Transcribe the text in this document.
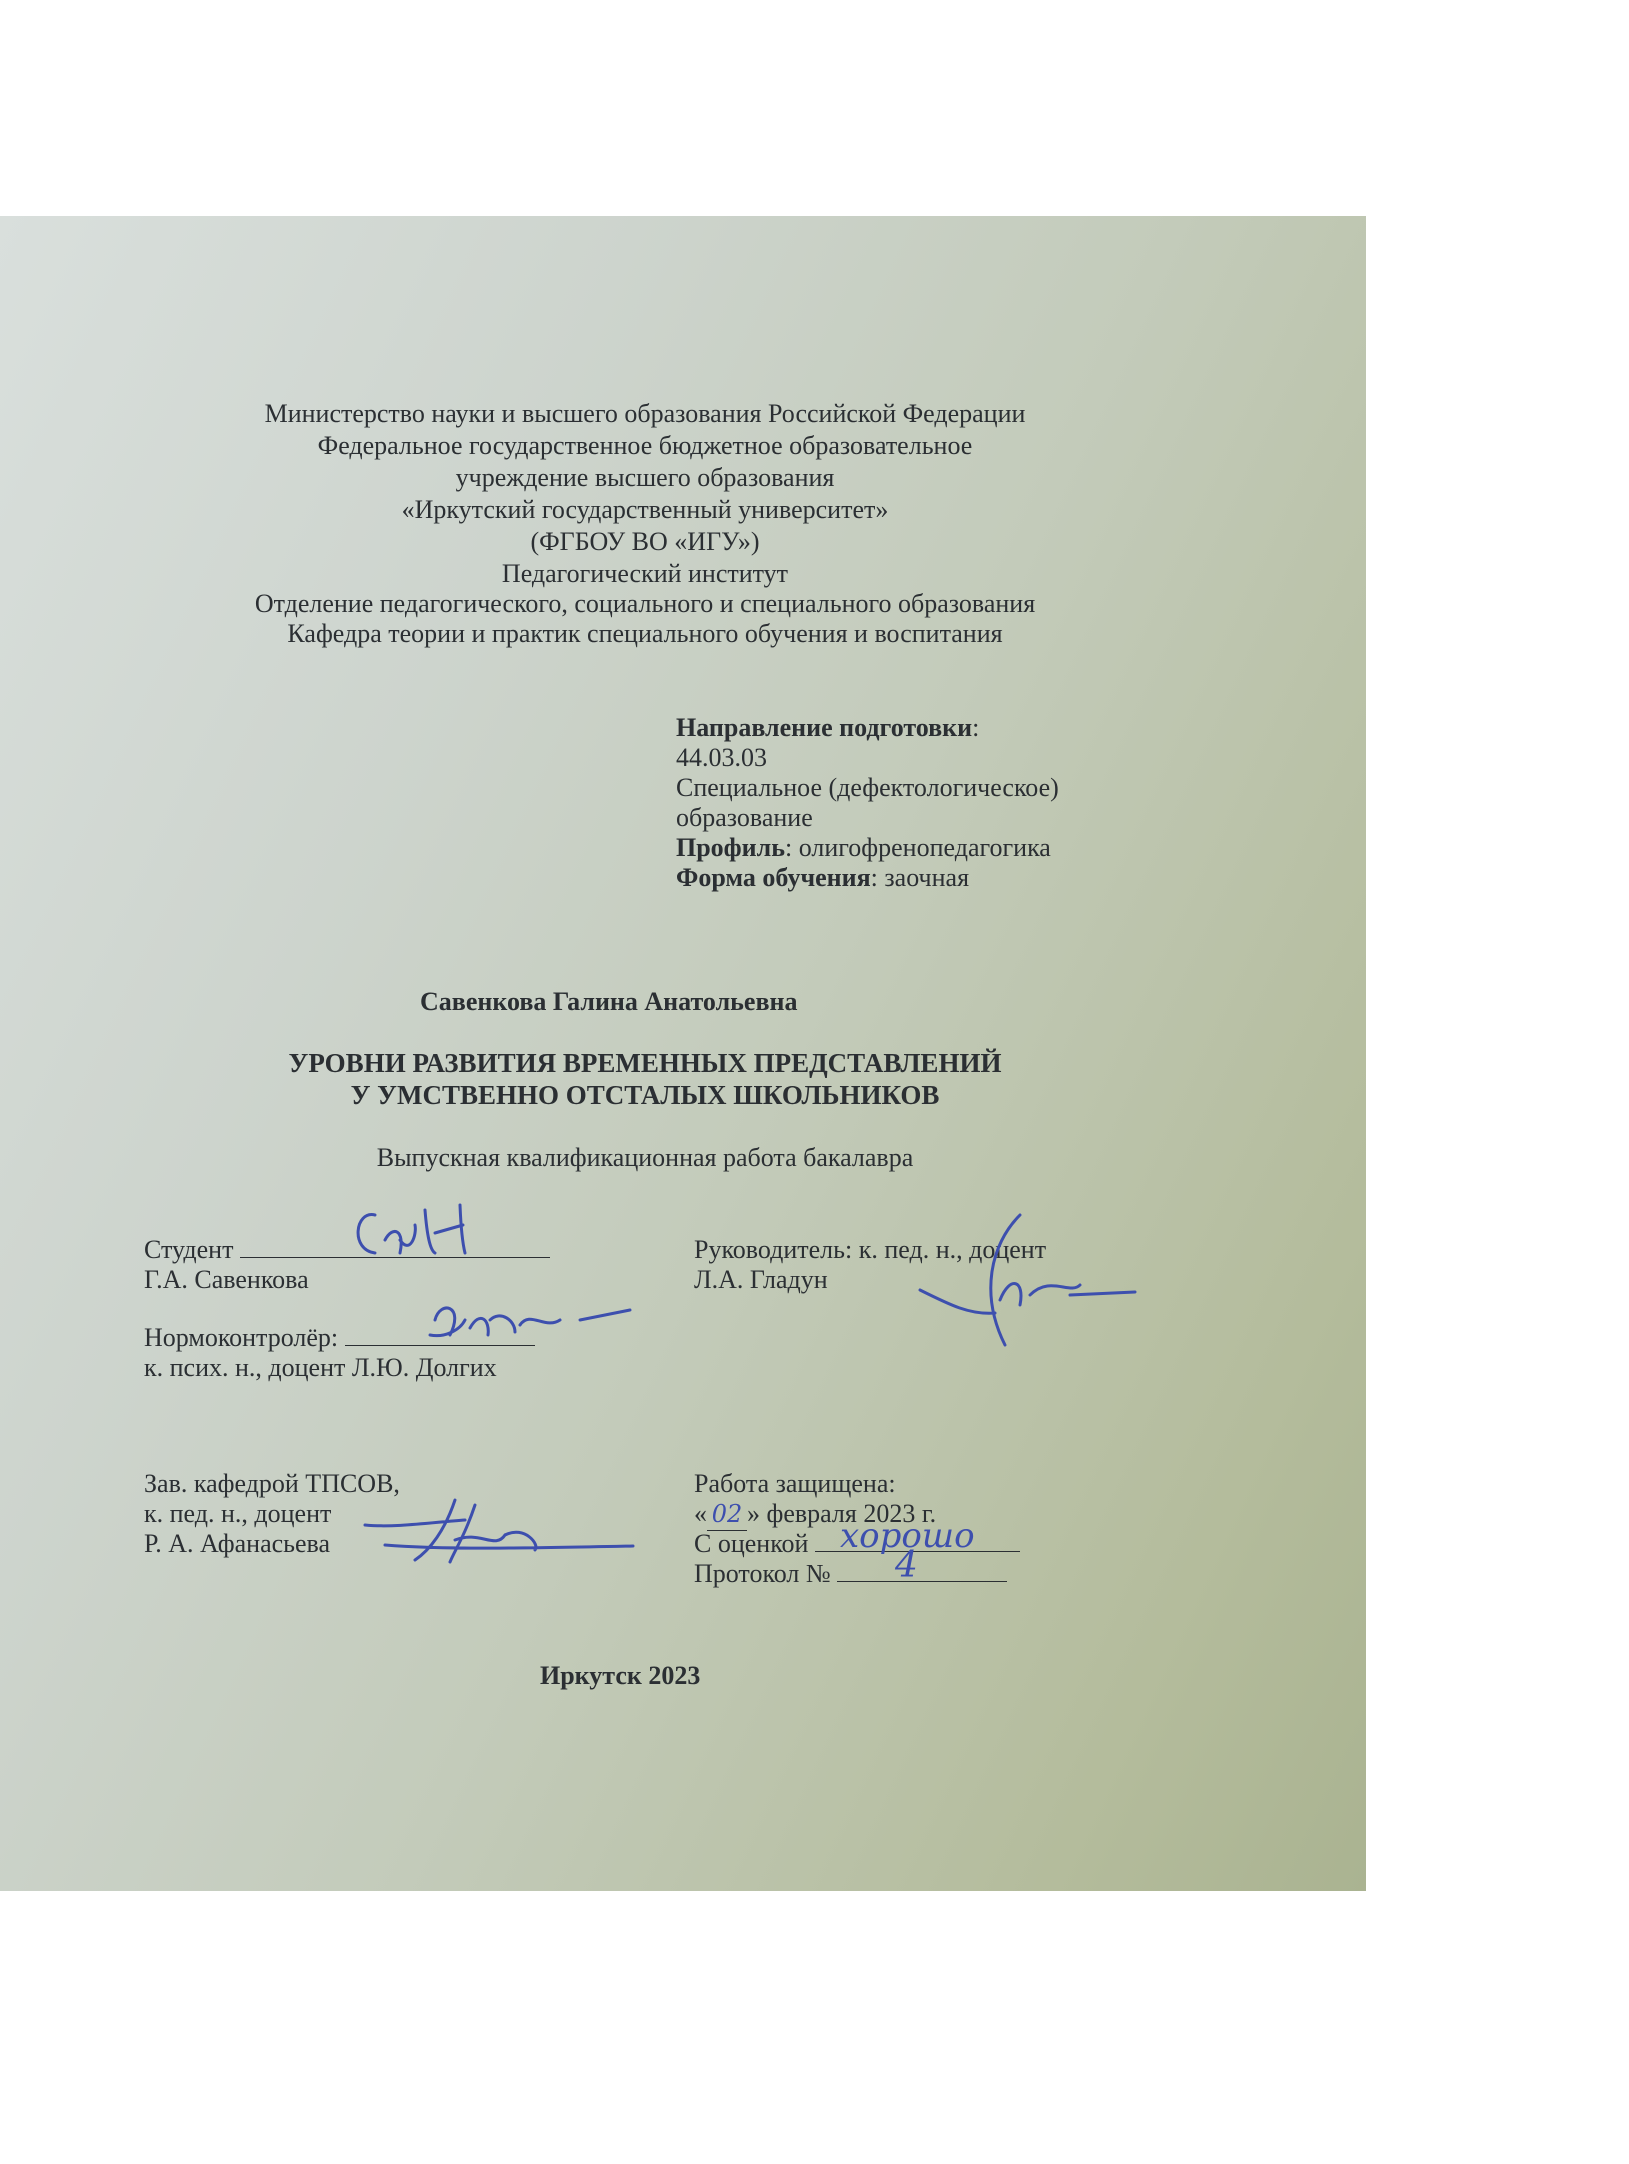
Министерство науки и высшего образования Российской Федерации
Федеральное государственное бюджетное образовательное
учреждение высшего образования
«Иркутский государственный университет»
(ФГБОУ ВО «ИГУ»)
Педагогический институт
Отделение педагогического, социального и специального образования
Кафедра теории и практик специального обучения и воспитания
Направление подготовки:
44.03.03
Специальное (дефектологическое)
образование
Профиль: олигофренопедагогика
Форма обучения: заочная
Савенкова Галина Анатольевна
УРОВНИ РАЗВИТИЯ ВРЕМЕННЫХ ПРЕДСТАВЛЕНИЙ
У УМСТВЕННО ОТСТАЛЫХ ШКОЛЬНИКОВ
Выпускная квалификационная работа бакалавра
Студент
Г.А. Савенкова
Руководитель: к. пед. н., доцент
Л.А. Гладун
Нормоконтролёр:
к. псих. н., доцент Л.Ю. Долгих
Зав. кафедрой ТПСОВ,
к. пед. н., доцент
Р. А. Афанасьева
Работа защищена:
« 02 » февраля 2023 г.
С оценкой хорошо
Протокол №	4
Иркутск 2023
